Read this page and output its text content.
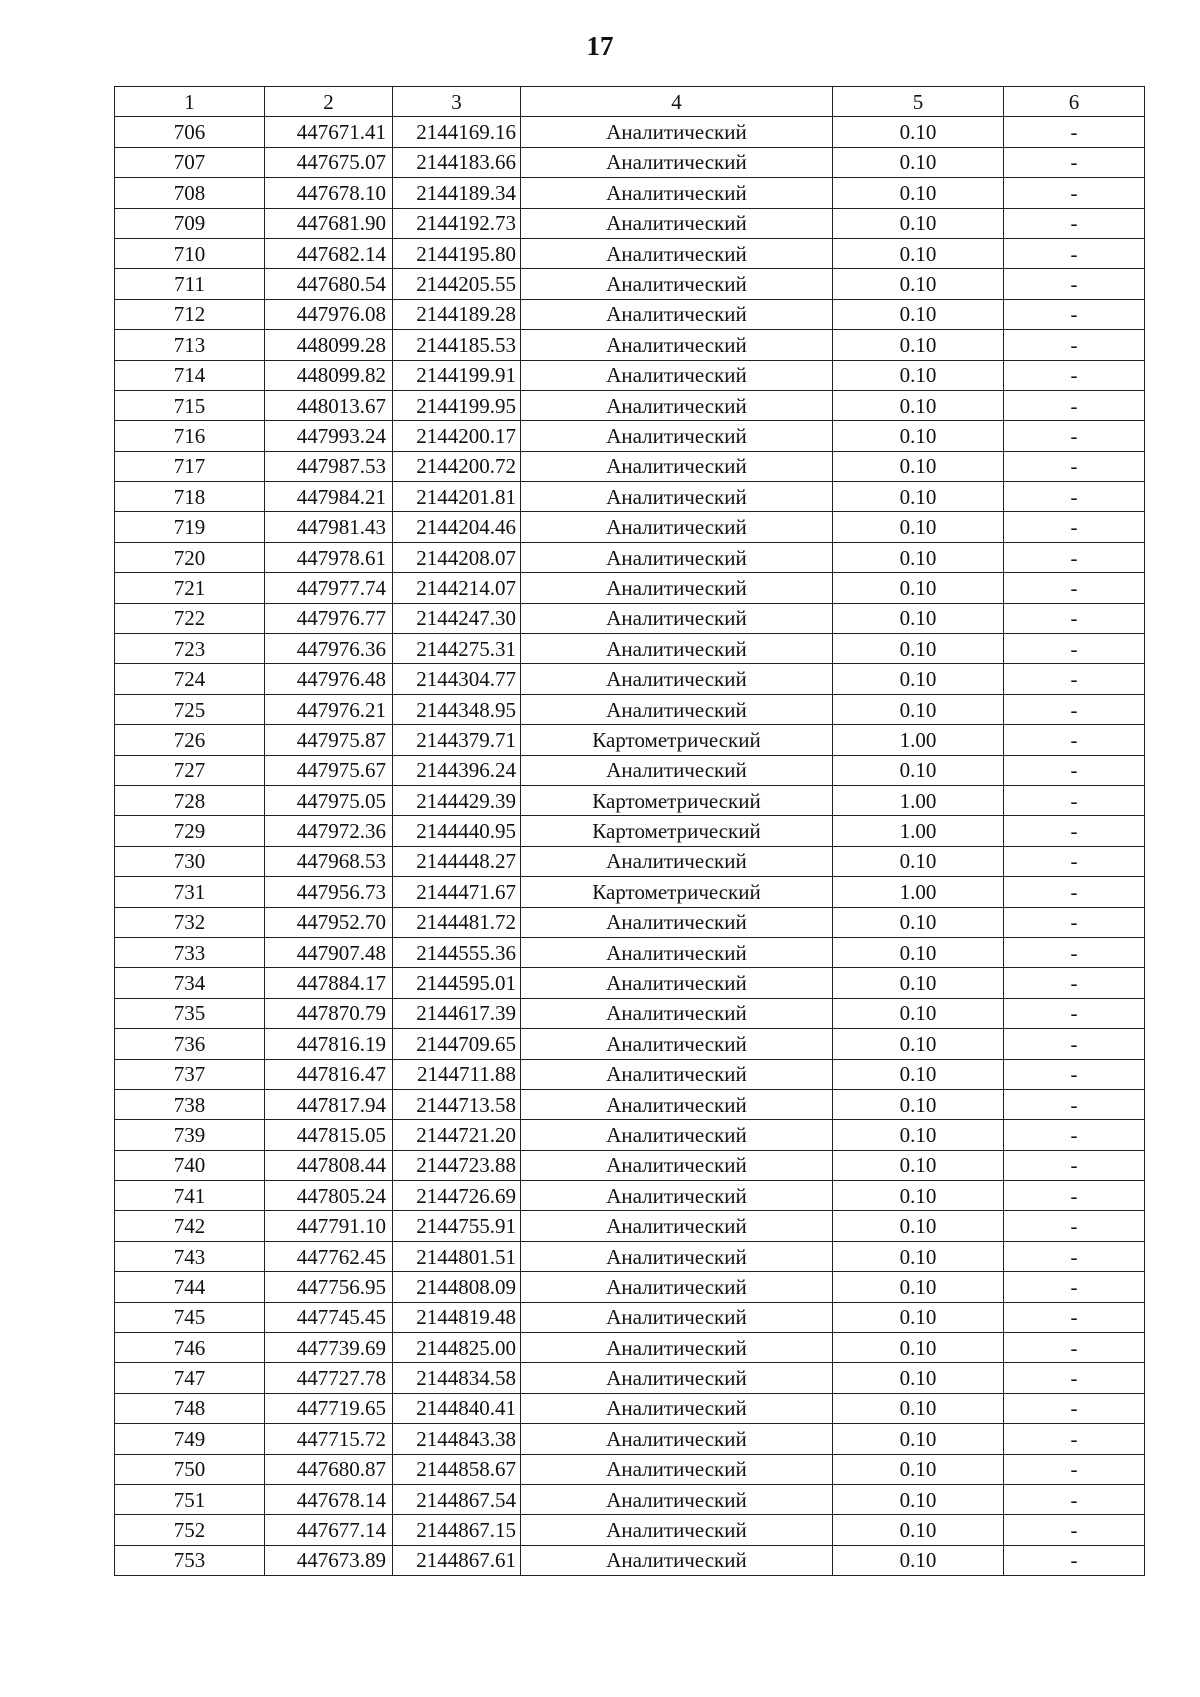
17
1	2	3	4	5	6
706	447671.41	2144169.16	Аналитический	0.10	-
707	447675.07	2144183.66	Аналитический	0.10	-
708	447678.10	2144189.34	Аналитический	0.10	-
709	447681.90	2144192.73	Аналитический	0.10	-
710	447682.14	2144195.80	Аналитический	0.10	-
711	447680.54	2144205.55	Аналитический	0.10	-
712	447976.08	2144189.28	Аналитический	0.10	-
713	448099.28	2144185.53	Аналитический	0.10	-
714	448099.82	2144199.91	Аналитический	0.10	-
715	448013.67	2144199.95	Аналитический	0.10	-
716	447993.24	2144200.17	Аналитический	0.10	-
717	447987.53	2144200.72	Аналитический	0.10	-
718	447984.21	2144201.81	Аналитический	0.10	-
719	447981.43	2144204.46	Аналитический	0.10	-
720	447978.61	2144208.07	Аналитический	0.10	-
721	447977.74	2144214.07	Аналитический	0.10	-
722	447976.77	2144247.30	Аналитический	0.10	-
723	447976.36	2144275.31	Аналитический	0.10	-
724	447976.48	2144304.77	Аналитический	0.10	-
725	447976.21	2144348.95	Аналитический	0.10	-
726	447975.87	2144379.71	Картометрический	1.00	-
727	447975.67	2144396.24	Аналитический	0.10	-
728	447975.05	2144429.39	Картометрический	1.00	-
729	447972.36	2144440.95	Картометрический	1.00	-
730	447968.53	2144448.27	Аналитический	0.10	-
731	447956.73	2144471.67	Картометрический	1.00	-
732	447952.70	2144481.72	Аналитический	0.10	-
733	447907.48	2144555.36	Аналитический	0.10	-
734	447884.17	2144595.01	Аналитический	0.10	-
735	447870.79	2144617.39	Аналитический	0.10	-
736	447816.19	2144709.65	Аналитический	0.10	-
737	447816.47	2144711.88	Аналитический	0.10	-
738	447817.94	2144713.58	Аналитический	0.10	-
739	447815.05	2144721.20	Аналитический	0.10	-
740	447808.44	2144723.88	Аналитический	0.10	-
741	447805.24	2144726.69	Аналитический	0.10	-
742	447791.10	2144755.91	Аналитический	0.10	-
743	447762.45	2144801.51	Аналитический	0.10	-
744	447756.95	2144808.09	Аналитический	0.10	-
745	447745.45	2144819.48	Аналитический	0.10	-
746	447739.69	2144825.00	Аналитический	0.10	-
747	447727.78	2144834.58	Аналитический	0.10	-
748	447719.65	2144840.41	Аналитический	0.10	-
749	447715.72	2144843.38	Аналитический	0.10	-
750	447680.87	2144858.67	Аналитический	0.10	-
751	447678.14	2144867.54	Аналитический	0.10	-
752	447677.14	2144867.15	Аналитический	0.10	-
753	447673.89	2144867.61	Аналитический	0.10	-
